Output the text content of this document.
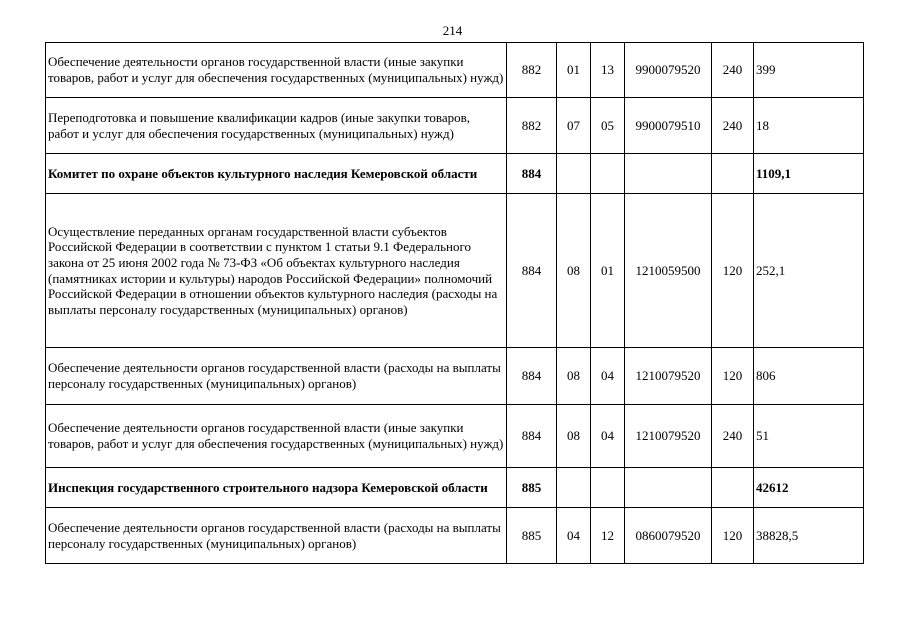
214
Обеспечение деятельности органов государственной власти (иные закупки товаров, работ и услуг для обеспечения государственных (муниципальных) нужд)	882	01	13	9900079520	240	399
Переподготовка и повышение квалификации кадров (иные закупки товаров, работ и услуг для обеспечения государственных (муниципальных) нужд)	882	07	05	9900079510	240	18
Комитет по охране объектов культурного наследия Кемеровской области	884					1109,1
Осуществление переданных органам государственной власти субъектов Российской Федерации в соответствии с пунктом 1 статьи 9.1 Федерального закона от 25 июня 2002 года № 73-ФЗ «Об объектах культурного наследия (памятниках истории и культуры) народов Российской Федерации» полномочий Российской Федерации в отношении объектов культурного наследия (расходы на выплаты персоналу государственных (муниципальных) органов)	884	08	01	1210059500	120	252,1
Обеспечение деятельности органов государственной власти (расходы на выплаты персоналу государственных (муниципальных) органов)	884	08	04	1210079520	120	806
Обеспечение деятельности органов государственной власти (иные закупки товаров, работ и услуг для обеспечения государственных (муниципальных) нужд)	884	08	04	1210079520	240	51
Инспекция государственного строительного надзора Кемеровской области	885					42612
Обеспечение деятельности органов государственной власти (расходы на выплаты персоналу государственных (муниципальных) органов)	885	04	12	0860079520	120	38828,5
